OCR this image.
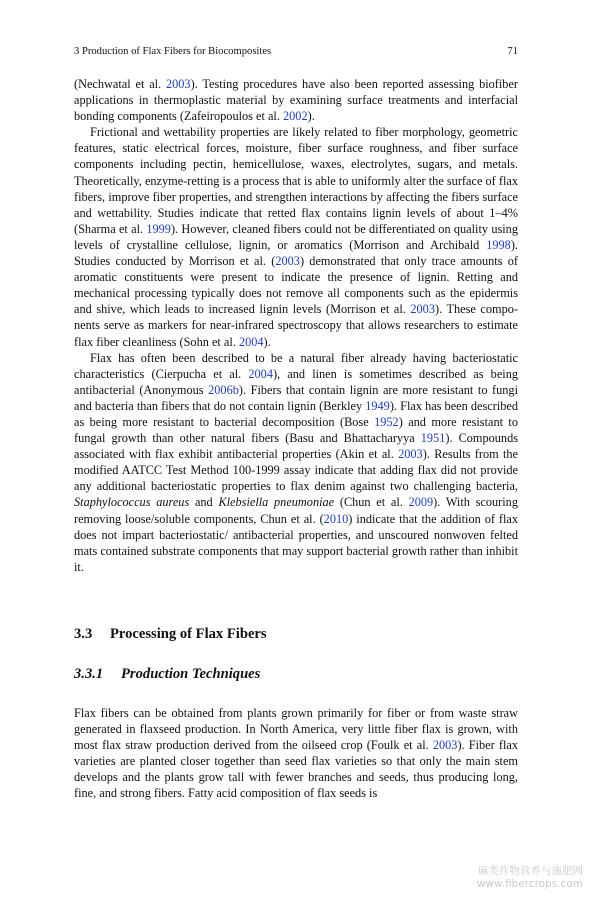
3 Production of Flax Fibers for Biocomposites	71

(Nechwatal et al. 2003). Testing procedures have also been reported assessing biofiber applications in thermoplastic material by examining surface treatments and interfacial bonding components (Zafeiropoulos et al. 2002).

Frictional and wettability properties are likely related to fiber morphology, geometric features, static electrical forces, moisture, fiber surface roughness, and fiber surface components including pectin, hemicellulose, waxes, electrolytes, sugars, and metals. Theoretically, enzyme-retting is a process that is able to uniformly alter the surface of flax fibers, improve fiber properties, and strengthen interactions by affecting the fibers surface and wettability. Studies indicate that retted flax contains lignin levels of about 1–4% (Sharma et al. 1999). However, cleaned fibers could not be differentiated on quality using levels of crystalline cellulose, lignin, or aromatics (Morrison and Archibald 1998). Studies conducted by Morrison et al. (2003) demonstrated that only trace amounts of aromatic constituents were present to indicate the presence of lignin. Retting and mechanical processing typically does not remove all components such as the epidermis and shive, which leads to increased lignin levels (Morrison et al. 2003). These components serve as markers for near-infrared spectroscopy that allows researchers to estimate flax fiber cleanliness (Sohn et al. 2004).

Flax has often been described to be a natural fiber already having bacteriostatic characteristics (Cierpucha et al. 2004), and linen is sometimes described as being antibacterial (Anonymous 2006b). Fibers that contain lignin are more resistant to fungi and bacteria than fibers that do not contain lignin (Berkley 1949). Flax has been described as being more resistant to bacterial decomposition (Bose 1952) and more resistant to fungal growth than other natural fibers (Basu and Bhattacharyya 1951). Compounds associated with flax exhibit antibacterial properties (Akin et al. 2003). Results from the modified AATCC Test Method 100-1999 assay indicate that adding flax did not provide any additional bacteriostatic properties to flax denim against two challenging bacteria, Staphylococcus aureus and Klebsiella pneumoniae (Chun et al. 2009). With scouring removing loose/soluble components, Chun et al. (2010) indicate that the addition of flax does not impart bacteriostatic/ antibacterial properties, and unscoured nonwoven felted mats contained substrate components that may support bacterial growth rather than inhibit it.

3.3 Processing of Flax Fibers
3.3.1 Production Techniques

Flax fibers can be obtained from plants grown primarily for fiber or from waste straw generated in flaxseed production. In North America, very little fiber flax is grown, with most flax straw production derived from the oilseed crop (Foulk et al. 2003). Fiber flax varieties are planted closer together than seed flax varieties so that only the main stem develops and the plants grow tall with fewer branches and seeds, thus producing long, fine, and strong fibers. Fatty acid composition of flax seeds is

麻类作物营养与施肥网
www.fibercrops.com
